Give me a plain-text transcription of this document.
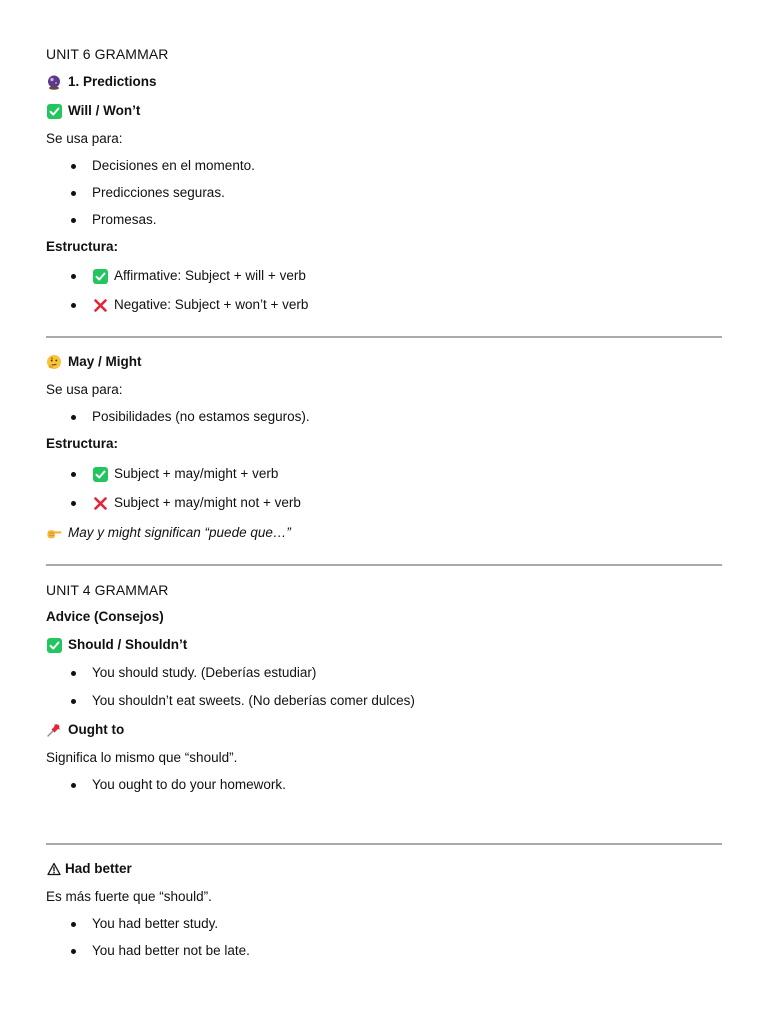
UNIT 6 GRAMMAR
1. Predictions
Will / Won’t

Se usa para:

Decisiones en el momento.
Predicciones seguras.
Promesas.

Estructura:

Affirmative: Subject + will + verb
Negative: Subject + won’t + verb
May / Might

Se usa para:

Posibilidades (no estamos seguros).

Estructura:

Subject + may/might + verb
Subject + may/might not + verb
May y might significan “puede que…”
UNIT 4 GRAMMAR

Advice (Consejos)

Should / Shouldn’t
You should study. (Deberías estudiar)
You shouldn’t eat sweets. (No deberías comer dulces)
Ought to

Significa lo mismo que “should”.

You ought to do your homework.
Had better

Es más fuerte que “should”.

You had better study.
You had better not be late.
